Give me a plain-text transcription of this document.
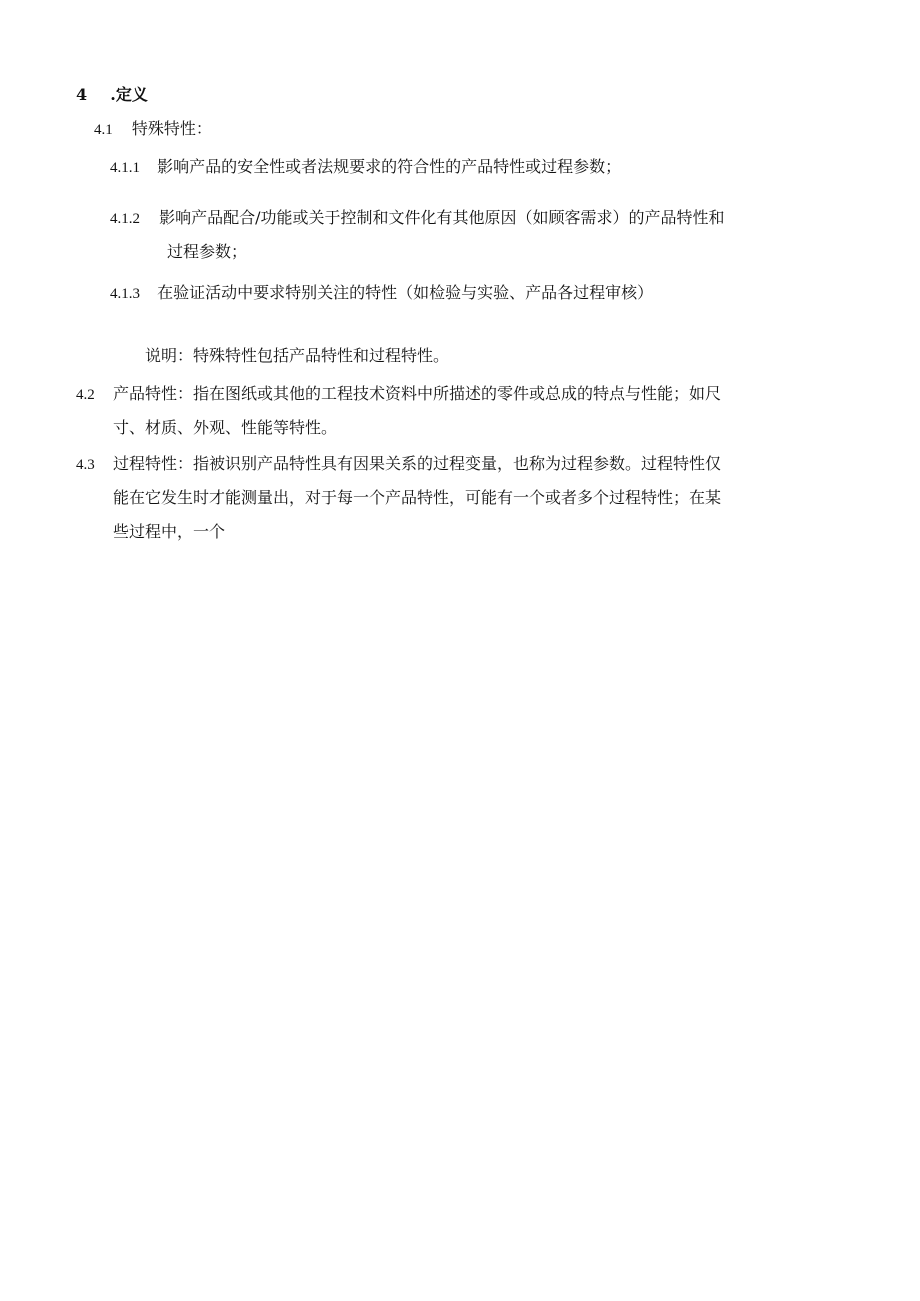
4 .定义
4.1 特殊特性：
4.1.1 影响产品的安全性或者法规要求的符合性的产品特性或过程参数；
4.1.2 影响产品配合/功能或关于控制和文件化有其他原因（如顾客需求）的产品特性和
过程参数；
4.1.3 在验证活动中要求特别关注的特性（如检验与实验、产品各过程审核）
说明：特殊特性包括产品特性和过程特性。
4.2 产品特性：指在图纸或其他的工程技术资料中所描述的零件或总成的特点与性能；如尺
寸、材质、外观、性能等特性。
4.3 过程特性：指被识别产品特性具有因果关系的过程变量，也称为过程参数。过程特性仅
能在它发生时才能测量出，对于每一个产品特性，可能有一个或者多个过程特性；在某
些过程中，一个
